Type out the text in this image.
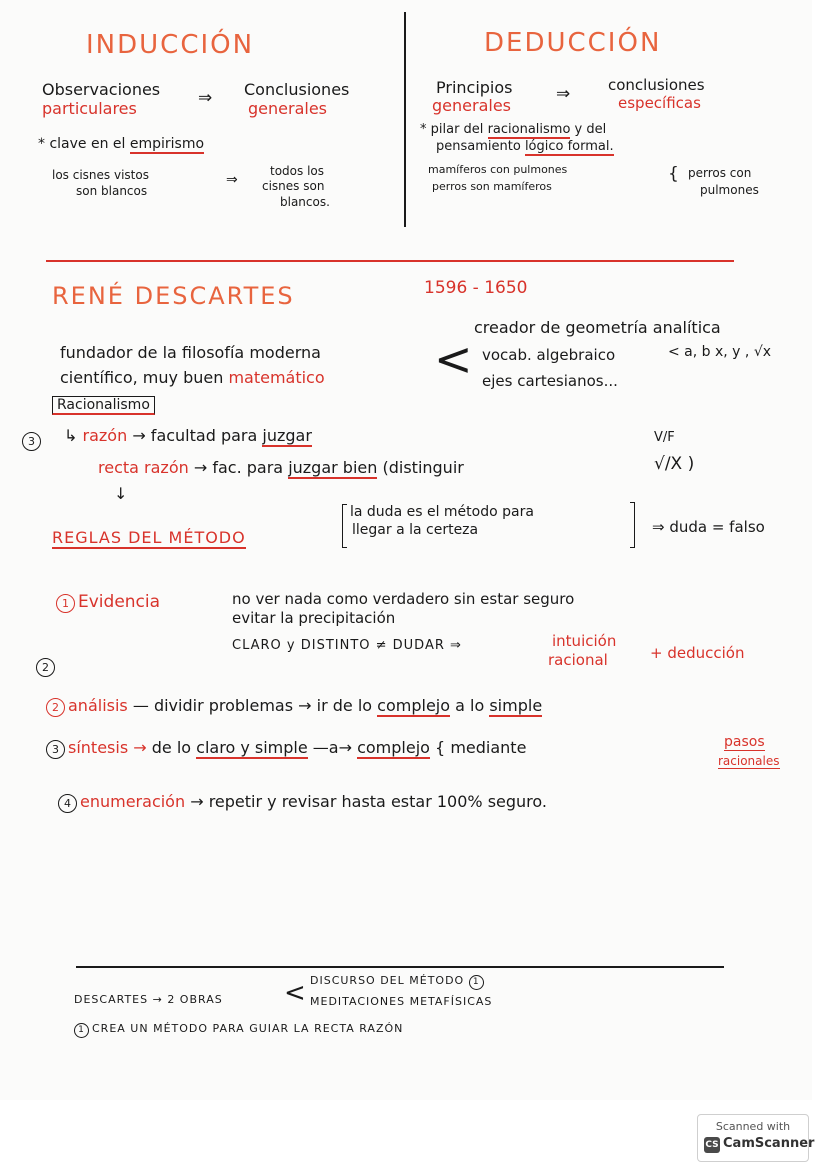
INDUCCIÓN
Observaciones
particulares
⇒ Conclusiones
generales
* clave en el empirismo
los cisnes vistos
son blancos
⇒
todos los
cisnes son
blancos.
DEDUCCIÓN
Principios
generales
⇒	conclusiones
específicas
* pilar del racionalismo y del
pensamiento lógico formal.
mamíferos con pulmones
perros son mamíferos
{ perros con
pulmones
RENÉ DESCARTES	1596 - 1650
fundador de la filosofía moderna
científico, muy buen matemático <
creador de geometría analítica
vocab. algebraico	< a, b x, y , √x
ejes cartesianos...
Racionalismo
3	↳ razón → facultad para juzgar	V/F
recta razón → fac. para juzgar bien (distinguir	√/X )
↓
REGLAS DEL MÉTODO
la duda es el método para
llegar a la certeza	⇒ duda = falso
1 Evidencia	no ver nada como verdadero sin estar seguro
evitar la precipitación
CLARO y DISTINTO ≠ DUDAR ⇒	intuición
racional	+ deducción
2
2 análisis — dividir problemas → ir de lo complejo a lo simple
3 síntesis → de lo claro y simple —a→ complejo { mediante	pasos
racionales
4 enumeración → repetir y revisar hasta estar 100% seguro.
DESCARTES → 2 OBRAS < DISCURSO DEL MÉTODO 1
MEDITACIONES METAFÍSICAS
1 CREA UN MÉTODO PARA GUIAR LA RECTA RAZÓN
Scanned with
CS CamScanner
